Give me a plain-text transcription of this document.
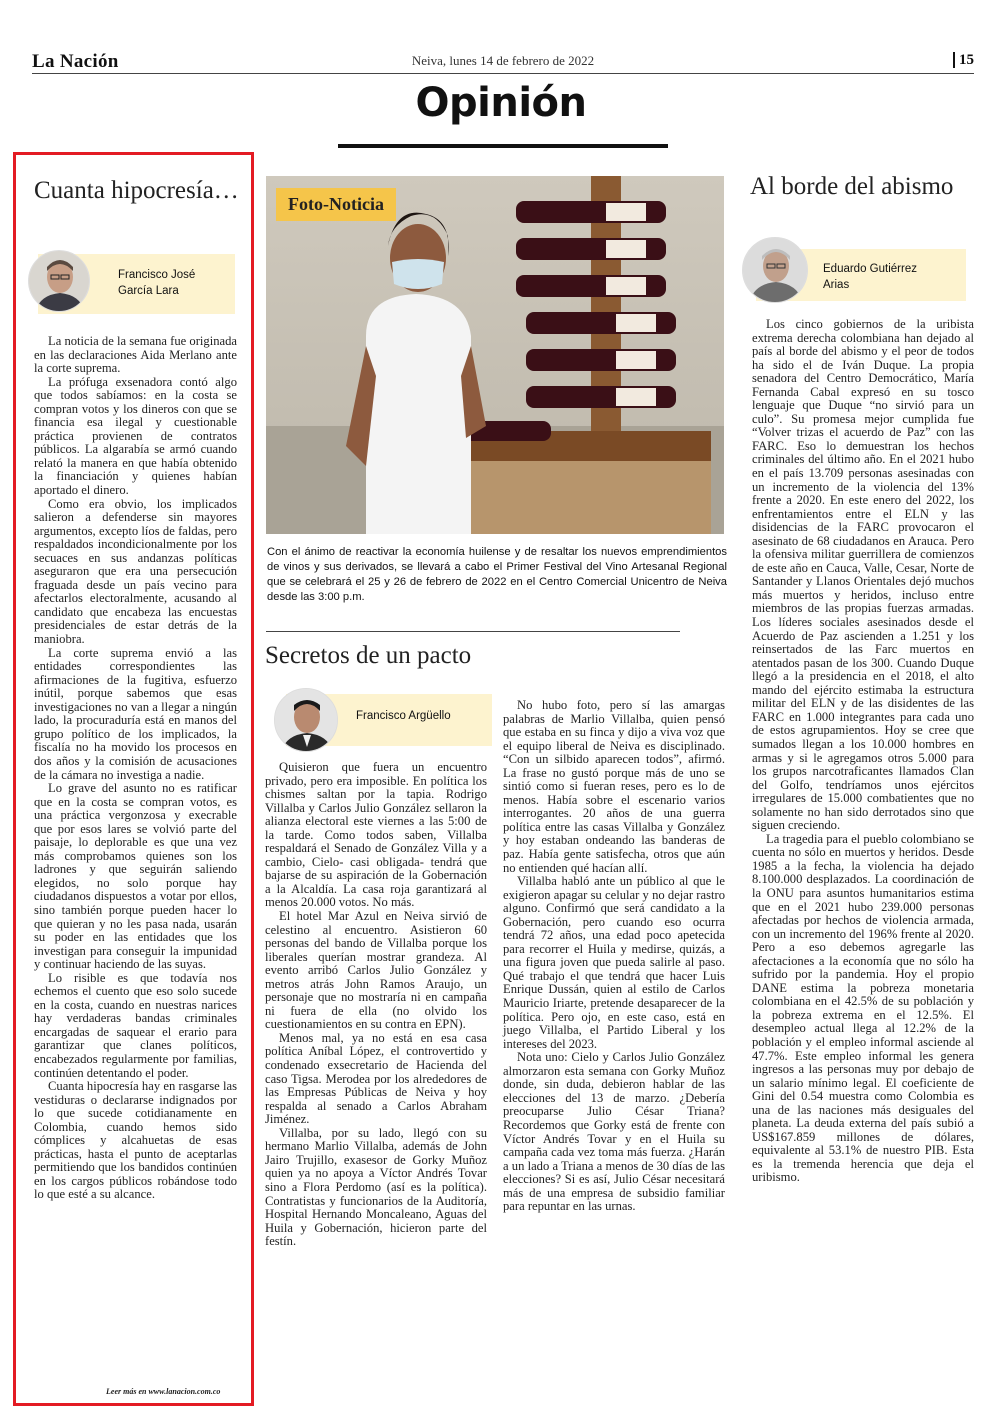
La Nación	Neiva, lunes 14 de febrero de 2022	15
Opinión
Cuanta hipocresía…
Francisco José
García Lara

La noticia de la semana fue originada en las declaraciones Aida Merlano ante la corte suprema.

La prófuga exsenadora contó algo que todos sabíamos: en la costa se compran votos y los dineros con que se financia esa ilegal y cuestionable práctica provienen de contratos públicos. La algarabía se armó cuando relató la manera en que había obtenido la financiación y quienes habían aportado el dinero.

Como era obvio, los implicados salieron a defenderse sin mayores argumentos, excepto líos de faldas, pero respaldados incondicionalmente por los secuaces en sus andanzas políticas aseguraron que era una persecución fraguada desde un país vecino para afectarlos electoralmente, acusando al candidato que encabeza las encuestas presidenciales de estar detrás de la maniobra.

La corte suprema envió a las entidades correspondientes las afirmaciones de la fugitiva, esfuerzo inútil, porque sabemos que esas investigaciones no van a llegar a ningún lado, la procuraduría está en manos del grupo político de los implicados, la fiscalía no ha movido los procesos en dos años y la comisión de acusaciones de la cámara no investiga a nadie.

Lo grave del asunto no es ratificar que en la costa se compran votos, es una práctica vergonzosa y execrable que por esos lares se volvió parte del paisaje, lo deplorable es que una vez más comprobamos quienes son los ladrones y que seguirán saliendo elegidos, no solo porque hay ciudadanos dispuestos a votar por ellos, sino también porque pueden hacer lo que quieran y no les pasa nada, usarán su poder en las entidades que los investigan para conseguir la impunidad y continuar haciendo de las suyas.

Lo risible es que todavía nos echemos el cuento que eso solo sucede en la costa, cuando en nuestras narices hay verdaderas bandas criminales encargadas de saquear el erario para garantizar que clanes políticos, encabezados regularmente por familias, continúen detentando el poder.

Cuanta hipocresía hay en rasgarse las vestiduras o declararse indignados por lo que sucede cotidianamente en Colombia, cuando hemos sido cómplices y alcahuetas de esas prácticas, hasta el punto de aceptarlas permitiendo que los bandidos continúen en los cargos públicos robándose todo lo que esté a su alcance.

Leer más en www.lanacion.com.co
Foto-Noticia
Con el ánimo de reactivar la economía huilense y de resaltar los nuevos emprendimientos de vinos y sus derivados, se llevará a cabo el Primer Festival del Vino Artesanal Regional que se celebrará el 25 y 26 de febrero de 2022 en el Centro Comercial Unicentro de Neiva desde las 3:00 p.m.
Secretos de un pacto
Francisco Argüello

Quisieron que fuera un encuentro privado, pero era imposible. En política los chismes saltan por la tapia. Rodrigo Villalba y Carlos Julio González sellaron la alianza electoral este viernes a las 5:00 de la tarde. Como todos saben, Villalba respaldará el Senado de González Villa y a cambio, Cielo- casi obligada- tendrá que bajarse de su aspiración de la Gobernación a la Alcaldía. La casa roja garantizará al menos 20.000 votos. No más.

El hotel Mar Azul en Neiva sirvió de celestino al encuentro. Asistieron 60 personas del bando de Villalba porque los liberales querían mostrar grandeza. Al evento arribó Carlos Julio González y metros atrás John Ramos Araujo, un personaje que no mostraría ni en campaña ni fuera de ella (no olvido los cuestionamientos en su contra en EPN).

Menos mal, ya no está en esa casa política Aníbal López, el controvertido y condenado exsecretario de Hacienda del caso Tigsa. Merodea por los alrededores de las Empresas Públicas de Neiva y hoy respalda al senado a Carlos Abraham Jiménez.

Villalba, por su lado, llegó con su hermano Marlio Villalba, además de John Jairo Trujillo, exasesor de Gorky Muñoz quien ya no apoya a Víctor Andrés Tovar sino a Flora Perdomo (así es la política). Contratistas y funcionarios de la Auditoría, Hospital Hernando Moncaleano, Aguas del Huila y Gobernación, hicieron parte del festín.

No hubo foto, pero sí las amargas palabras de Marlio Villalba, quien pensó que estaba en su finca y dijo a viva voz que el equipo liberal de Neiva es disciplinado. “Con un silbido aparecen todos”, afirmó. La frase no gustó porque más de uno se sintió como si fueran reses, pero es lo de menos. Había sobre el escenario varios interrogantes. 20 años de una guerra política entre las casas Villalba y González y hoy estaban ondeando las banderas de paz. Había gente satisfecha, otros que aún no entienden qué hacían allí.

Villalba habló ante un público al que le exigieron apagar su celular y no dejar rastro alguno. Confirmó que será candidato a la Gobernación, pero cuando eso ocurra tendrá 72 años, una edad poco apetecida para recorrer el Huila y medirse, quizás, a una figura joven que pueda salirle al paso. Qué trabajo el que tendrá que hacer Luis Enrique Dussán, quien al estilo de Carlos Mauricio Iriarte, pretende desaparecer de la política. Pero ojo, en este caso, está en juego Villalba, el Partido Liberal y los intereses del 2023.

Nota uno: Cielo y Carlos Julio González almorzaron esta semana con Gorky Muñoz donde, sin duda, debieron hablar de las elecciones del 13 de marzo. ¿Debería preocuparse Julio César Triana? Recordemos que Gorky está de frente con Víctor Andrés Tovar y en el Huila su campaña cada vez toma más fuerza. ¿Harán a un lado a Triana a menos de 30 días de las elecciones? Si es así, Julio César necesitará más de una empresa de subsidio familiar para repuntar en las urnas.

Al borde del abismo
Eduardo Gutiérrez
Arias

Los cinco gobiernos de la uribista extrema derecha colombiana han dejado al país al borde del abismo y el peor de todos ha sido el de Iván Duque. La propia senadora del Centro Democrático, María Fernanda Cabal expresó en su tosco lenguaje que Duque “no sirvió para un culo”. Su promesa mejor cumplida fue “Volver trizas el acuerdo de Paz” con las FARC. Eso lo demuestran los hechos criminales del último año. En el 2021 hubo en el país 13.709 personas asesinadas con un incremento de la violencia del 13% frente a 2020. En este enero del 2022, los enfrentamientos entre el ELN y las disidencias de la FARC provocaron el asesinato de 68 ciudadanos en Arauca. Pero la ofensiva militar guerrillera de comienzos de este año en Cauca, Valle, Cesar, Norte de Santander y Llanos Orientales dejó muchos más muertos y heridos, incluso entre miembros de las propias fuerzas armadas. Los líderes sociales asesinados desde el Acuerdo de Paz ascienden a 1.251 y los reinsertados de las Farc muertos en atentados pasan de los 300. Cuando Duque llegó a la presidencia en el 2018, el alto mando del ejército estimaba la estructura militar del ELN y de las disidentes de las FARC en 1.000 integrantes para cada uno de estos agrupamientos. Hoy se cree que sumados llegan a los 10.000 hombres en armas y si le agregamos otros 5.000 para los grupos narcotraficantes llamados Clan del Golfo, tendríamos unos ejércitos irregulares de 15.000 combatientes que no solamente no han sido derrotados sino que siguen creciendo.

La tragedia para el pueblo colombiano se cuenta no sólo en muertos y heridos. Desde 1985 a la fecha, la violencia ha dejado 8.100.000 desplazados. La coordinación de la ONU para asuntos humanitarios estima que en el 2021 hubo 239.000 personas afectadas por hechos de violencia armada, con un incremento del 196% frente al 2020. Pero a eso debemos agregarle las afectaciones a la economía que no sólo ha sufrido por la pandemia. Hoy el propio DANE estima la pobreza monetaria colombiana en el 42.5% de su población y la pobreza extrema en el 12.5%. El desempleo actual llega al 12.2% de la población y el empleo informal asciende al 47.7%. Este empleo informal les genera ingresos a las personas muy por debajo de un salario mínimo legal. El coeficiente de Gini del 0.54 muestra como Colombia es una de las naciones más desiguales del planeta. La deuda externa del país subió a US$167.859 millones de dólares, equivalente al 53.1% de nuestro PIB. Esta es la tremenda herencia que deja el uribismo.
